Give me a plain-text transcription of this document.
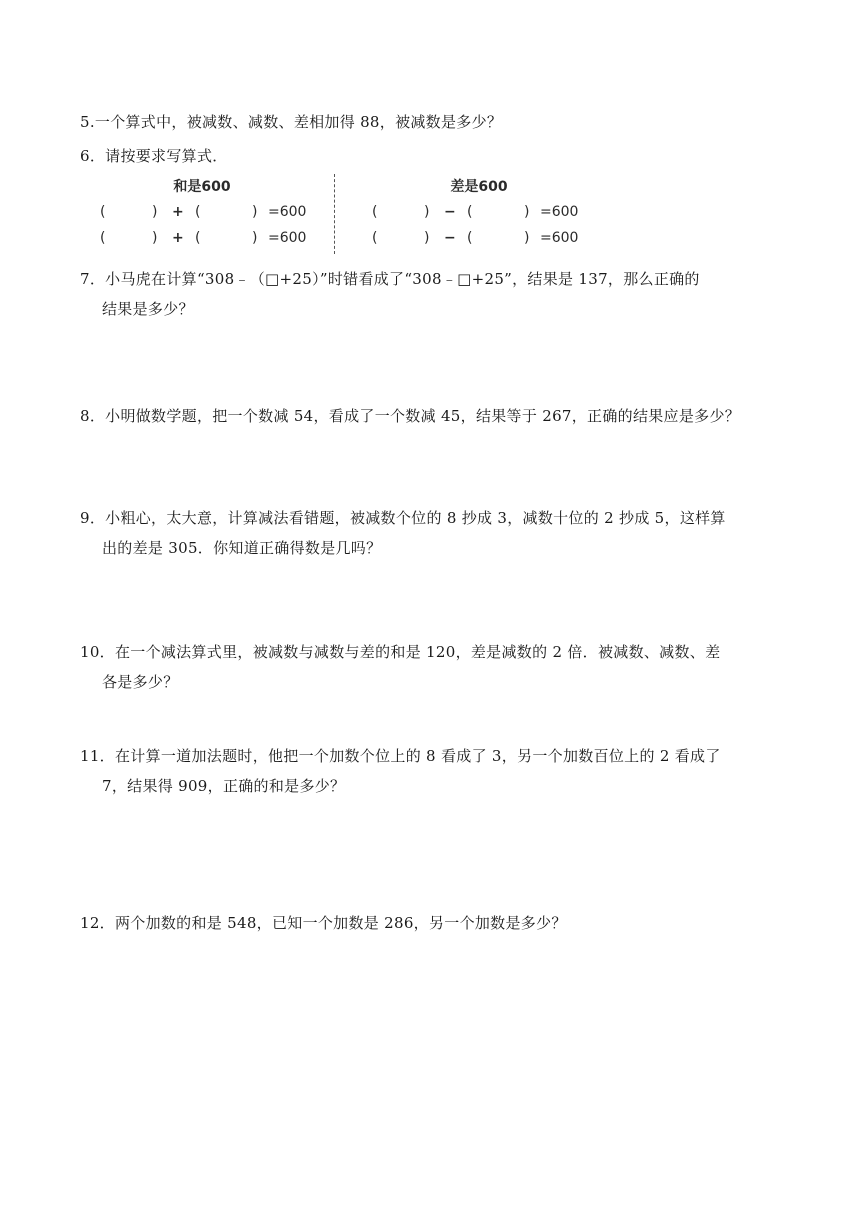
5.一个算式中，被减数、减数、差相加得 88，被减数是多少？
6．请按要求写算式．
和是600
(	) + (	) =600
(	) + (	) =600
差是600
(	) − (	) =600
(	) − (	) =600
7．小马虎在计算“308﹣（□+25）”时错看成了“308﹣□+25”，结果是 137，那么正确的
结果是多少？
8．小明做数学题，把一个数减 54，看成了一个数减 45，结果等于 267，正确的结果应是多少？
9．小粗心，太大意，计算减法看错题，被减数个位的 8 抄成 3，减数十位的 2 抄成 5，这样算
出的差是 305．你知道正确得数是几吗？
10．在一个减法算式里，被减数与减数与差的和是 120，差是减数的 2 倍．被减数、减数、差
各是多少？
11．在计算一道加法题时，他把一个加数个位上的 8 看成了 3，另一个加数百位上的 2 看成了
7，结果得 909，正确的和是多少？
12．两个加数的和是 548，已知一个加数是 286，另一个加数是多少？
